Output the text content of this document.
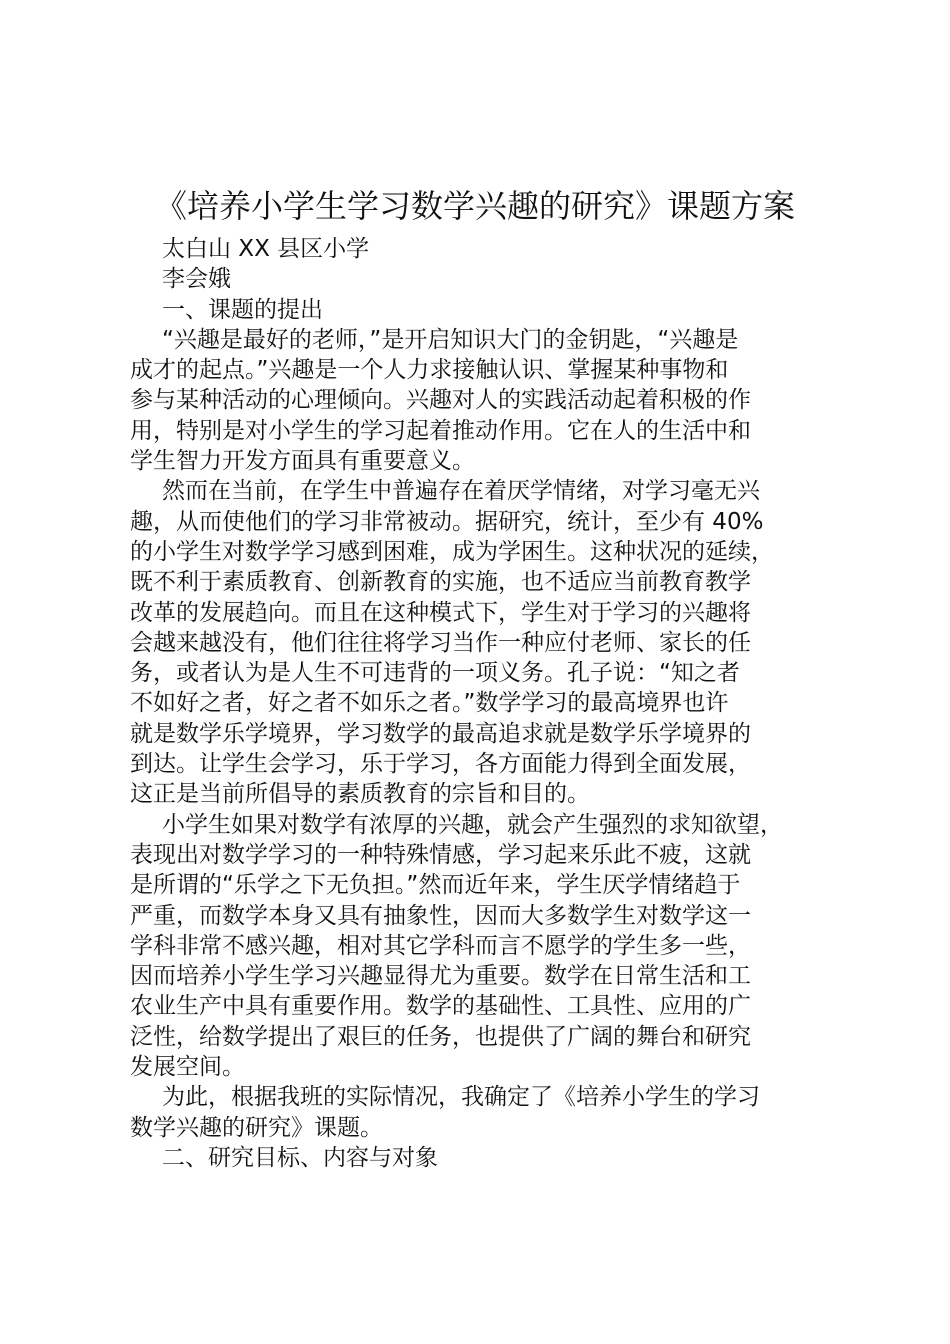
《培养小学生学习数学兴趣的研究》课题方案
太白山 XX 县区小学
李会娥
一、课题的提出
“兴趣是最好的老师，”是开启知识大门的金钥匙，“兴趣是
成才的起点。”兴趣是一个人力求接触认识、掌握某种事物和
参与某种活动的心理倾向。兴趣对人的实践活动起着积极的作
用，特别是对小学生的学习起着推动作用。它在人的生活中和
学生智力开发方面具有重要意义。
然而在当前，在学生中普遍存在着厌学情绪，对学习毫无兴
趣，从而使他们的学习非常被动。据研究，统计，至少有 40%
的小学生对数学学习感到困难，成为学困生。这种状况的延续，
既不利于素质教育、创新教育的实施，也不适应当前教育教学
改革的发展趋向。而且在这种模式下，学生对于学习的兴趣将
会越来越没有，他们往往将学习当作一种应付老师、家长的任
务，或者认为是人生不可违背的一项义务。孔子说：“知之者
不如好之者，好之者不如乐之者。”数学学习的最高境界也许
就是数学乐学境界，学习数学的最高追求就是数学乐学境界的
到达。让学生会学习，乐于学习，各方面能力得到全面发展，
这正是当前所倡导的素质教育的宗旨和目的。
小学生如果对数学有浓厚的兴趣，就会产生强烈的求知欲望，
表现出对数学学习的一种特殊情感，学习起来乐此不疲，这就
是所谓的“乐学之下无负担。”然而近年来，学生厌学情绪趋于
严重，而数学本身又具有抽象性，因而大多数学生对数学这一
学科非常不感兴趣，相对其它学科而言不愿学的学生多一些，
因而培养小学生学习兴趣显得尤为重要。数学在日常生活和工
农业生产中具有重要作用。数学的基础性、工具性、应用的广
泛性，给数学提出了艰巨的任务，也提供了广阔的舞台和研究
发展空间。
为此，根据我班的实际情况，我确定了《培养小学生的学习
数学兴趣的研究》课题。
二、研究目标、内容与对象
